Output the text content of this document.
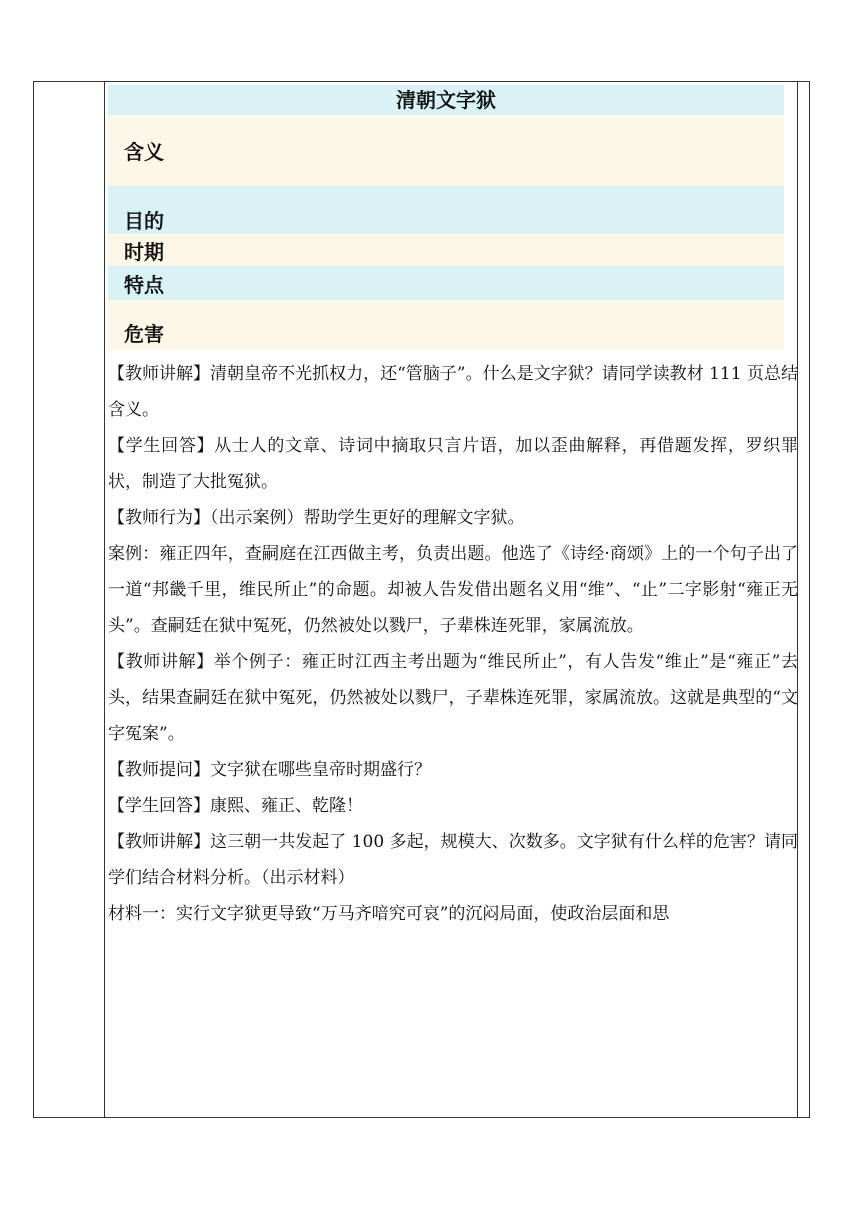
清朝文字狱
含义
目的
时期
特点
危害

【教师讲解】清朝皇帝不光抓权力，还“管脑子”。什么是文字狱？请同学读教材 111 页总结含义。

【学生回答】从士人的文章、诗词中摘取只言片语，加以歪曲解释，再借题发挥，罗织罪状，制造了大批冤狱。

【教师行为】（出示案例）帮助学生更好的理解文字狱。

案例：雍正四年，查嗣庭在江西做主考，负责出题。他选了《诗经·商颂》上的一个句子出了一道“邦畿千里，维民所止”的命题。却被人告发借出题名义用“维”、“止”二字影射“雍正无头”。查嗣廷在狱中冤死，仍然被处以戮尸，子辈株连死罪，家属流放。

【教师讲解】举个例子：雍正时江西主考出题为“维民所止”，有人告发“维止”是“雍正”去头，结果查嗣廷在狱中冤死，仍然被处以戮尸，子辈株连死罪，家属流放。这就是典型的“文字冤案”。

【教师提问】文字狱在哪些皇帝时期盛行？

【学生回答】康熙、雍正、乾隆！

【教师讲解】这三朝一共发起了 100 多起，规模大、次数多。文字狱有什么样的危害？请同学们结合材料分析。（出示材料）

材料一：实行文字狱更导致“万马齐喑究可哀”的沉闷局面，使政治层面和思
